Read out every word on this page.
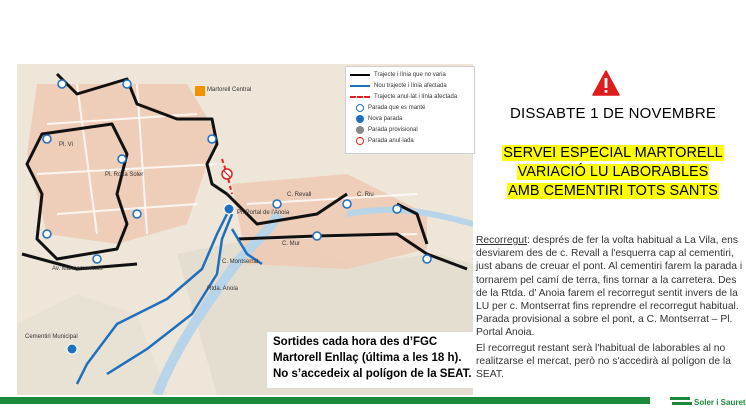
Martorell Central
Pl. Vi
Pl. Roca Soler
Pl. Portal de l'Anoia
C. Revall	C. Riu
C. Mur
Cementiri Municipal
Av. Mancomunitats
C. Montserrat
Rtda. Anoia
Trajecte i línia que no varia
Nou trajecte i línia afectada
Trajecte anul·lat i línia afectada
Parada que es manté
Nova parada
Parada provisional
Parada anul·lada
Sortides cada hora des d’FGC Martorell Enllaç (última a les 18 h). No s’accedeix al polígon de la SEAT.
DISSABTE 1 DE NOVEMBRE
SERVEI ESPECIAL MARTORELL
VARIACIÓ LU LABORABLES
AMB CEMENTIRI TOTS SANTS

Recorregut: després de fer la volta habitual a La Vila, ens desviarem des de c. Revall a l'esquerra cap al cementiri, just abans de creuar el pont. Al cementiri farem la parada i tornarem pel camí de terra, fins tornar a la carretera. Des de la Rtda. d' Anoia farem el recorregut sentit invers de la LU per c. Montserrat fins reprendre el recorregut habitual. Parada provisional a sobre el pont, a C. Montserrat – Pl. Portal Anoia.

El recorregut restant serà l'habitual de laborables al no realitzarse el mercat, però no s'accedirà al polígon de la SEAT.

Soler i Sauret
